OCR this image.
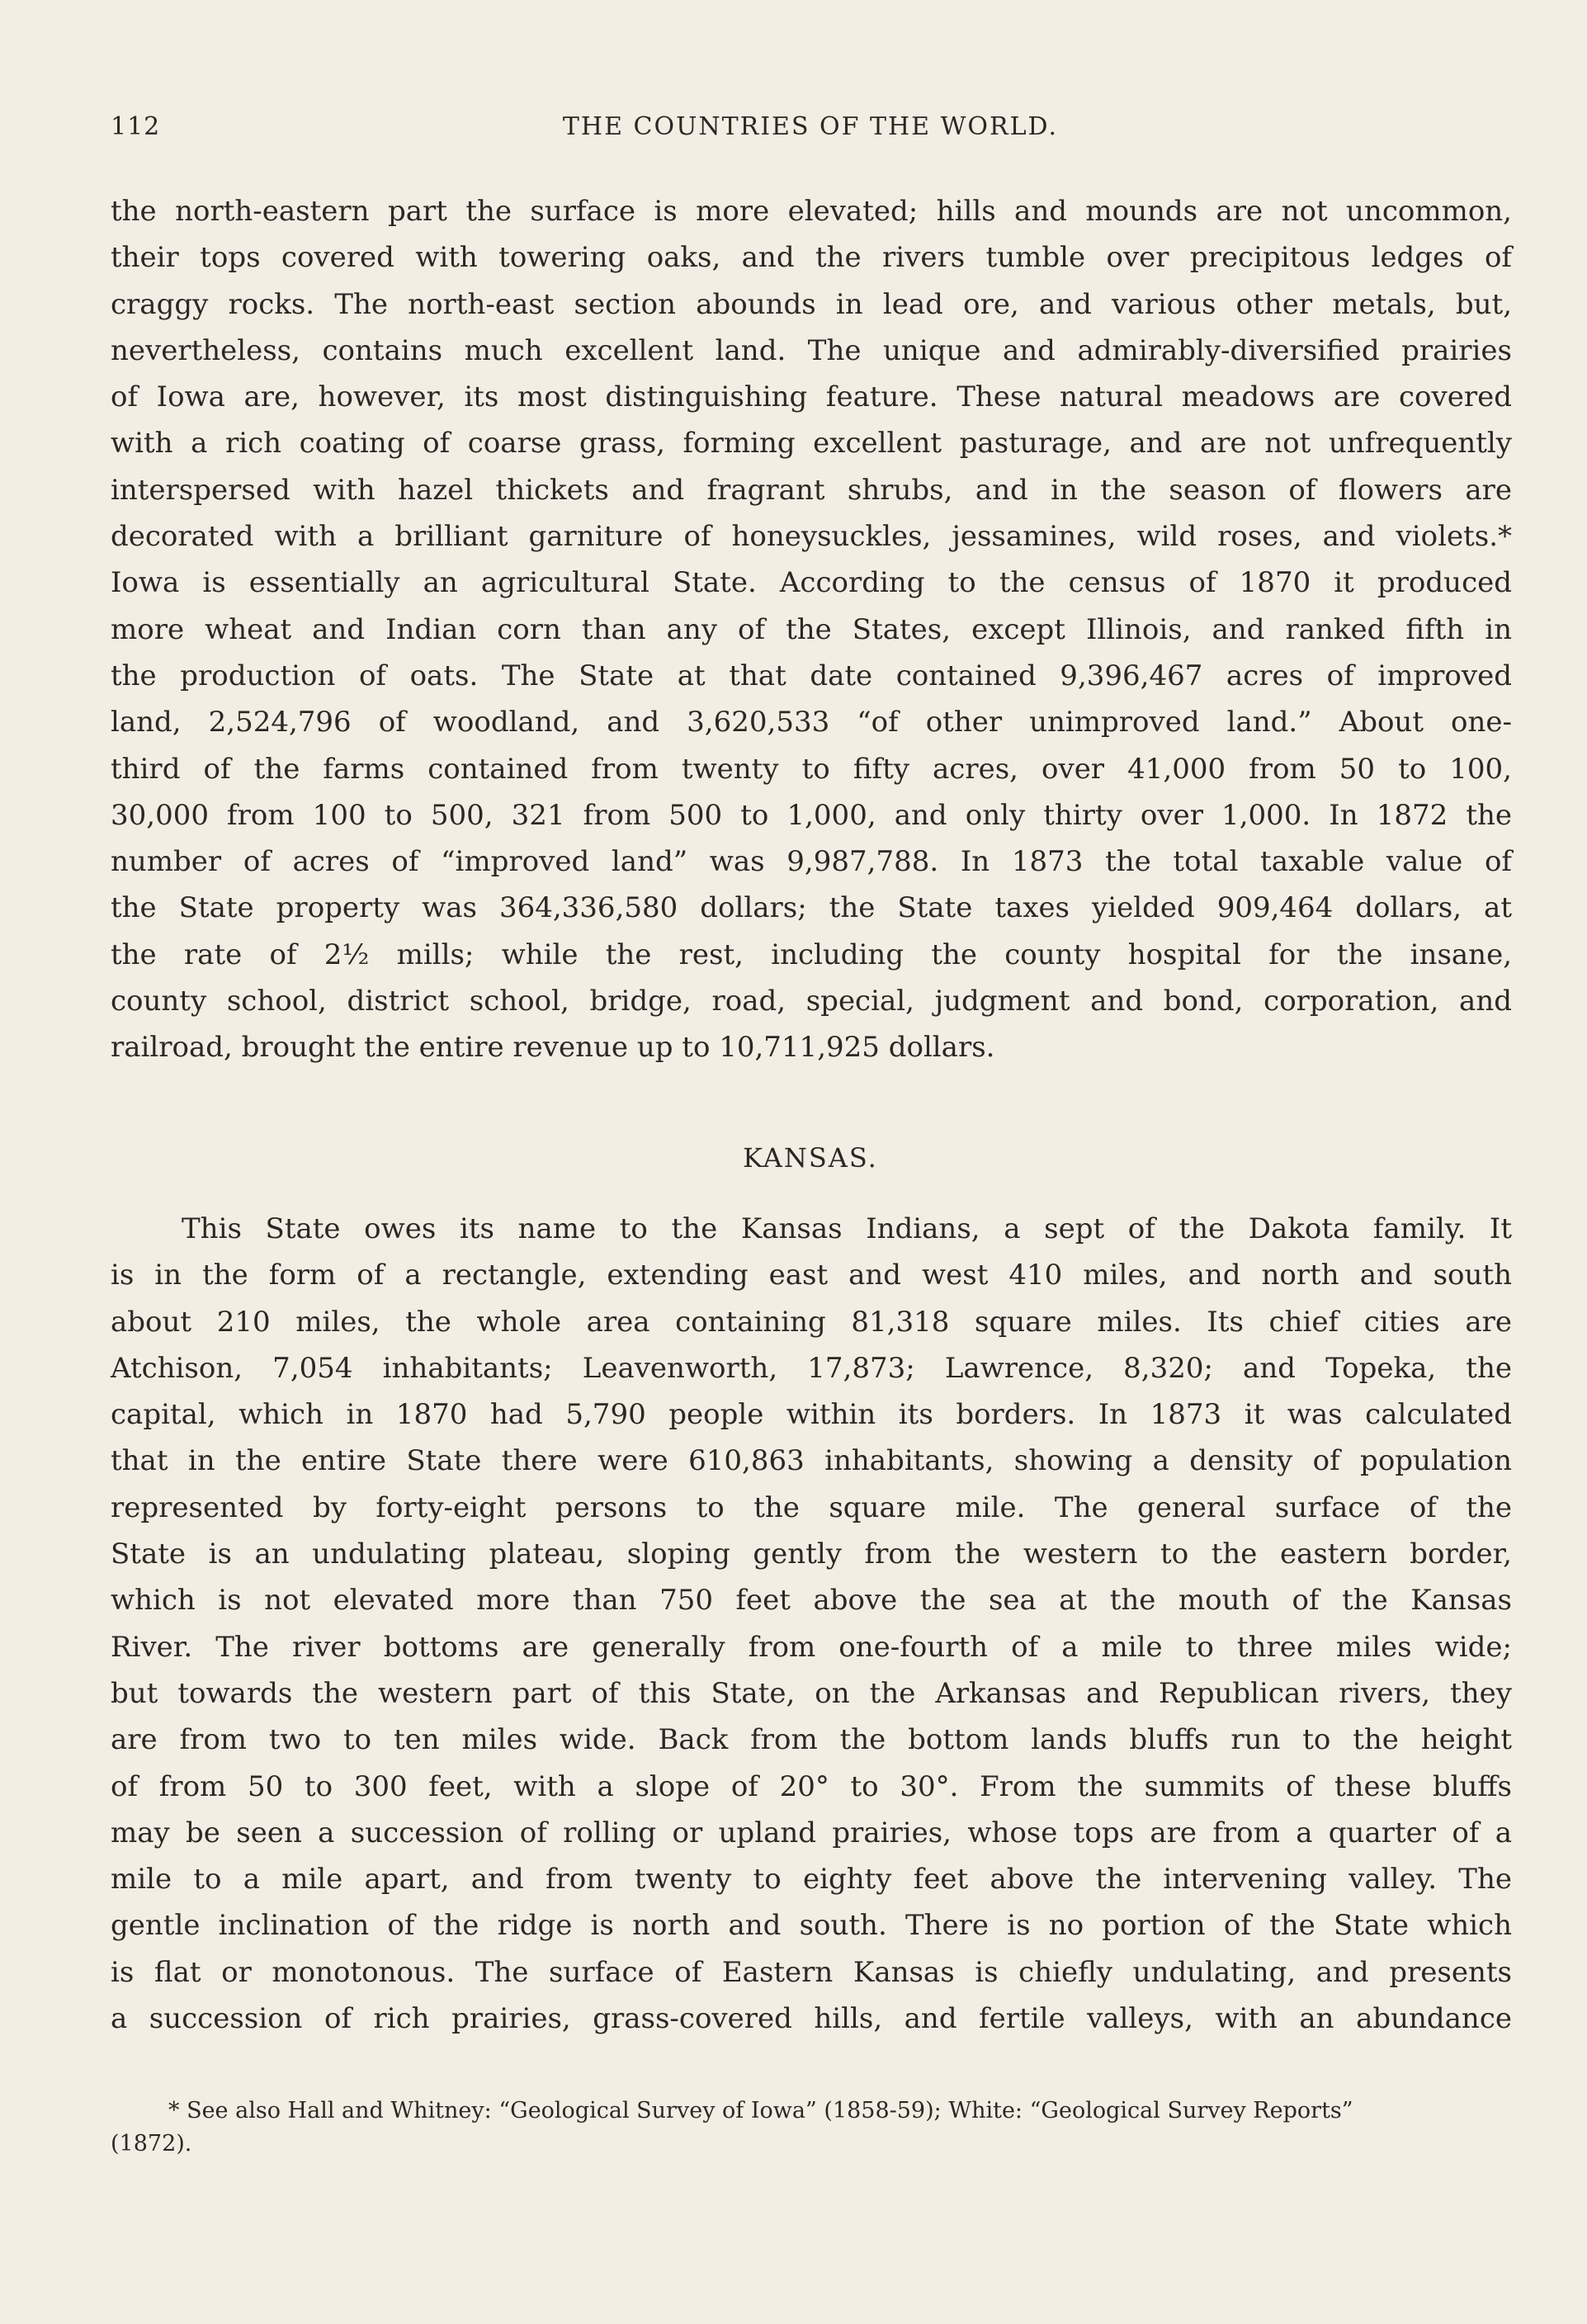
112	THE COUNTRIES OF THE WORLD.

the north-eastern part the surface is more elevated; hills and mounds are not uncommon,

their tops covered with towering oaks, and the rivers tumble over precipitous ledges of

craggy rocks. The north-east section abounds in lead ore, and various other metals, but,

nevertheless, contains much excellent land. The unique and admirably-diversified prairies

of Iowa are, however, its most distinguishing feature. These natural meadows are covered

with a rich coating of coarse grass, forming excellent pasturage, and are not unfrequently

interspersed with hazel thickets and fragrant shrubs, and in the season of flowers are

decorated with a brilliant garniture of honeysuckles, jessamines, wild roses, and violets.*

Iowa is essentially an agricultural State. According to the census of 1870 it produced

more wheat and Indian corn than any of the States, except Illinois, and ranked fifth in

the production of oats. The State at that date contained 9,396,467 acres of improved

land, 2,524,796 of woodland, and 3,620,533 “of other unimproved land.” About one-

third of the farms contained from twenty to fifty acres, over 41,000 from 50 to 100,

30,000 from 100 to 500, 321 from 500 to 1,000, and only thirty over 1,000. In 1872 the

number of acres of “improved land” was 9,987,788. In 1873 the total taxable value of

the State property was 364,336,580 dollars; the State taxes yielded 909,464 dollars, at

the rate of 2½ mills; while the rest, including the county hospital for the insane,

county school, district school, bridge, road, special, judgment and bond, corporation, and

railroad, brought the entire revenue up to 10,711,925 dollars.

KANSAS.

This State owes its name to the Kansas Indians, a sept of the Dakota family. It

is in the form of a rectangle, extending east and west 410 miles, and north and south

about 210 miles, the whole area containing 81,318 square miles. Its chief cities are

Atchison, 7,054 inhabitants; Leavenworth, 17,873; Lawrence, 8,320; and Topeka, the

capital, which in 1870 had 5,790 people within its borders. In 1873 it was calculated

that in the entire State there were 610,863 inhabitants, showing a density of population

represented by forty-eight persons to the square mile. The general surface of the

State is an undulating plateau, sloping gently from the western to the eastern border,

which is not elevated more than 750 feet above the sea at the mouth of the Kansas

River. The river bottoms are generally from one-fourth of a mile to three miles wide;

but towards the western part of this State, on the Arkansas and Republican rivers, they

are from two to ten miles wide. Back from the bottom lands bluffs run to the height

of from 50 to 300 feet, with a slope of 20° to 30°. From the summits of these bluffs

may be seen a succession of rolling or upland prairies, whose tops are from a quarter of a

mile to a mile apart, and from twenty to eighty feet above the intervening valley. The

gentle inclination of the ridge is north and south. There is no portion of the State which

is flat or monotonous. The surface of Eastern Kansas is chiefly undulating, and presents

a succession of rich prairies, grass-covered hills, and fertile valleys, with an abundance

* See also Hall and Whitney: “Geological Survey of Iowa” (1858-59); White: “Geological Survey Reports”

(1872).
